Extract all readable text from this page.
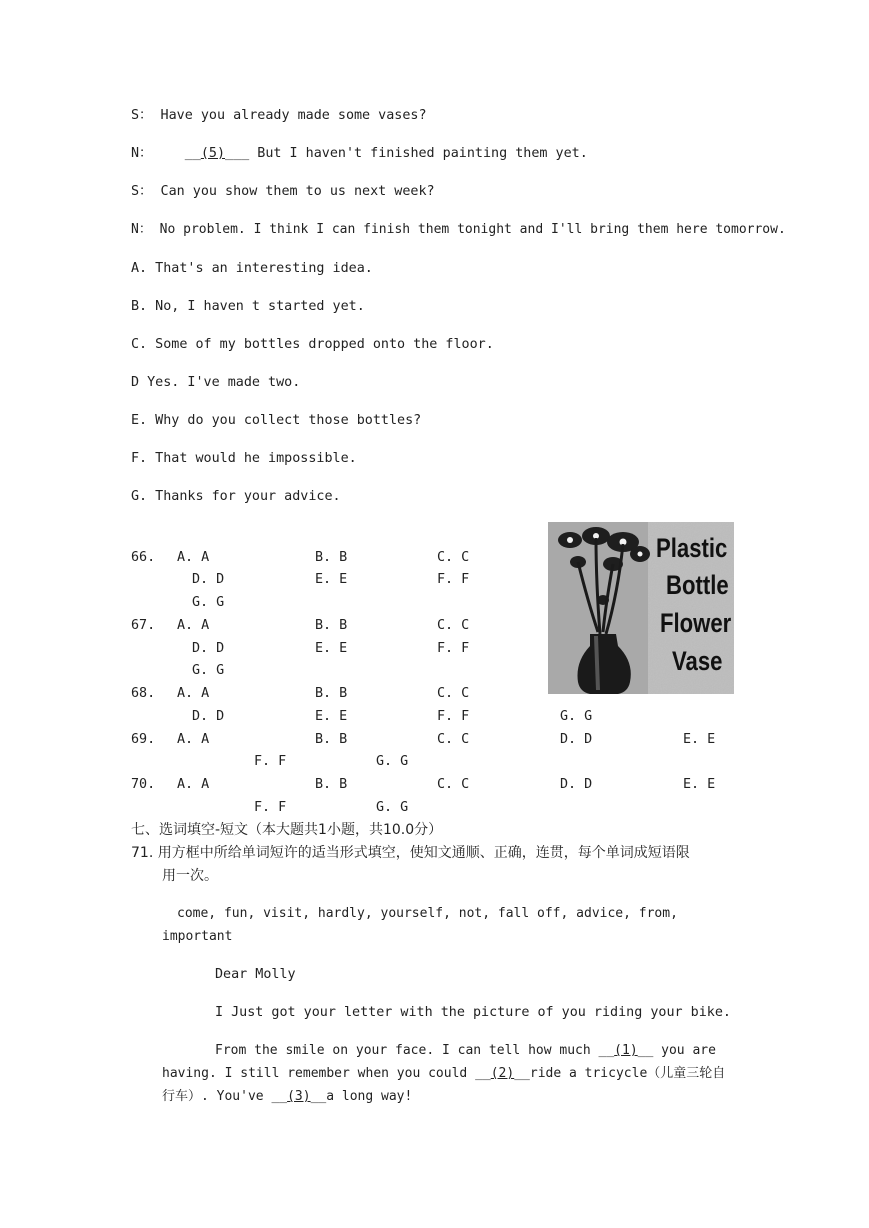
S： Have you already made some vases?
N： __(5)___ But I haven't finished painting them yet.
S： Can you show them to us next week?
N： No problem. I think I can finish them tonight and I'll bring them here tomorrow.
A. That's an interesting idea.
B. No, I haven t started yet.
C. Some of my bottles dropped onto the floor.
D Yes. I've made two.
E. Why do you collect those bottles?
F. That would he impossible.
G. Thanks for your advice.
Plastic
Bottle
Flower
Vase
66. A. A	B. B	C. C
D. D	E. E	F. F
G. G
67. A. A	B. B	C. C
D. D	E. E	F. F
G. G
68. A. A	B. B	C. C
D. D	E. E	F. F	G. G
69. A. A	B. B	C. C	D. D	E. E
F. F	G. G
70. A. A	B. B	C. C	D. D	E. E
F. F	G. G
七、选词填空-短文（本大题共1小题，共10.0分）
71. 用方框中所给单词短许的适当形式填空，使知文通顺、正确，连贯，每个单词成短语限
用一次。
come, fun, visit, hardly, yourself, not, fall off, advice, from,
important
Dear Molly
I Just got your letter with the picture of you riding your bike.
From the smile on your face. I can tell how much __(1)__ you are
having. I still remember when you could __(2)__ride a tricycle（儿童三轮自
行车）. You've __(3)__a long way!
